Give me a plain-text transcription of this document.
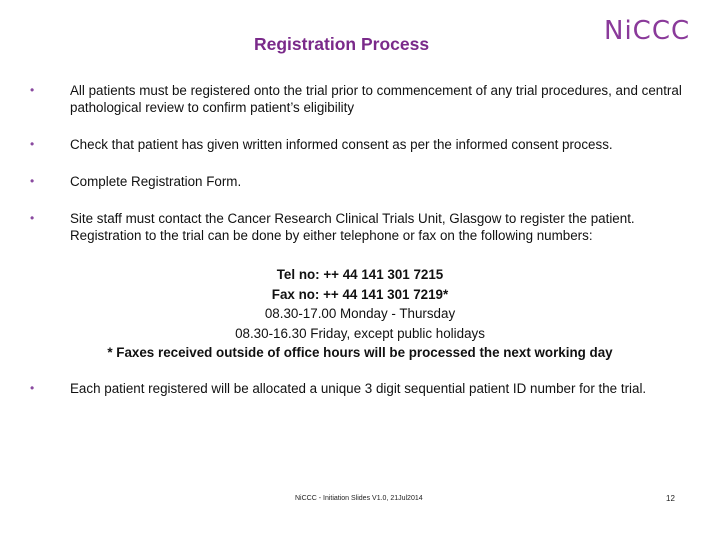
Registration Process	NiCCC
•	All patients must be registered onto the trial prior to commencement of any trial procedures, and central pathological review to confirm patient’s eligibility
•	Check that patient has given written informed consent as per the informed consent process.
•	Complete Registration Form.
•	Site staff must contact the Cancer Research Clinical Trials Unit, Glasgow to register the patient. Registration to the trial can be done by either telephone or fax on the following numbers:
Tel no: ++ 44 141 301 7215
Fax no: ++ 44 141 301 7219*
08.30-17.00 Monday - Thursday
08.30-16.30 Friday, except public holidays
* Faxes received outside of office hours will be processed the next working day
•	Each patient registered will be allocated a unique 3 digit sequential patient ID number for the trial.
NiCCC - Initiation Slides V1.0, 21Jul2014	12
